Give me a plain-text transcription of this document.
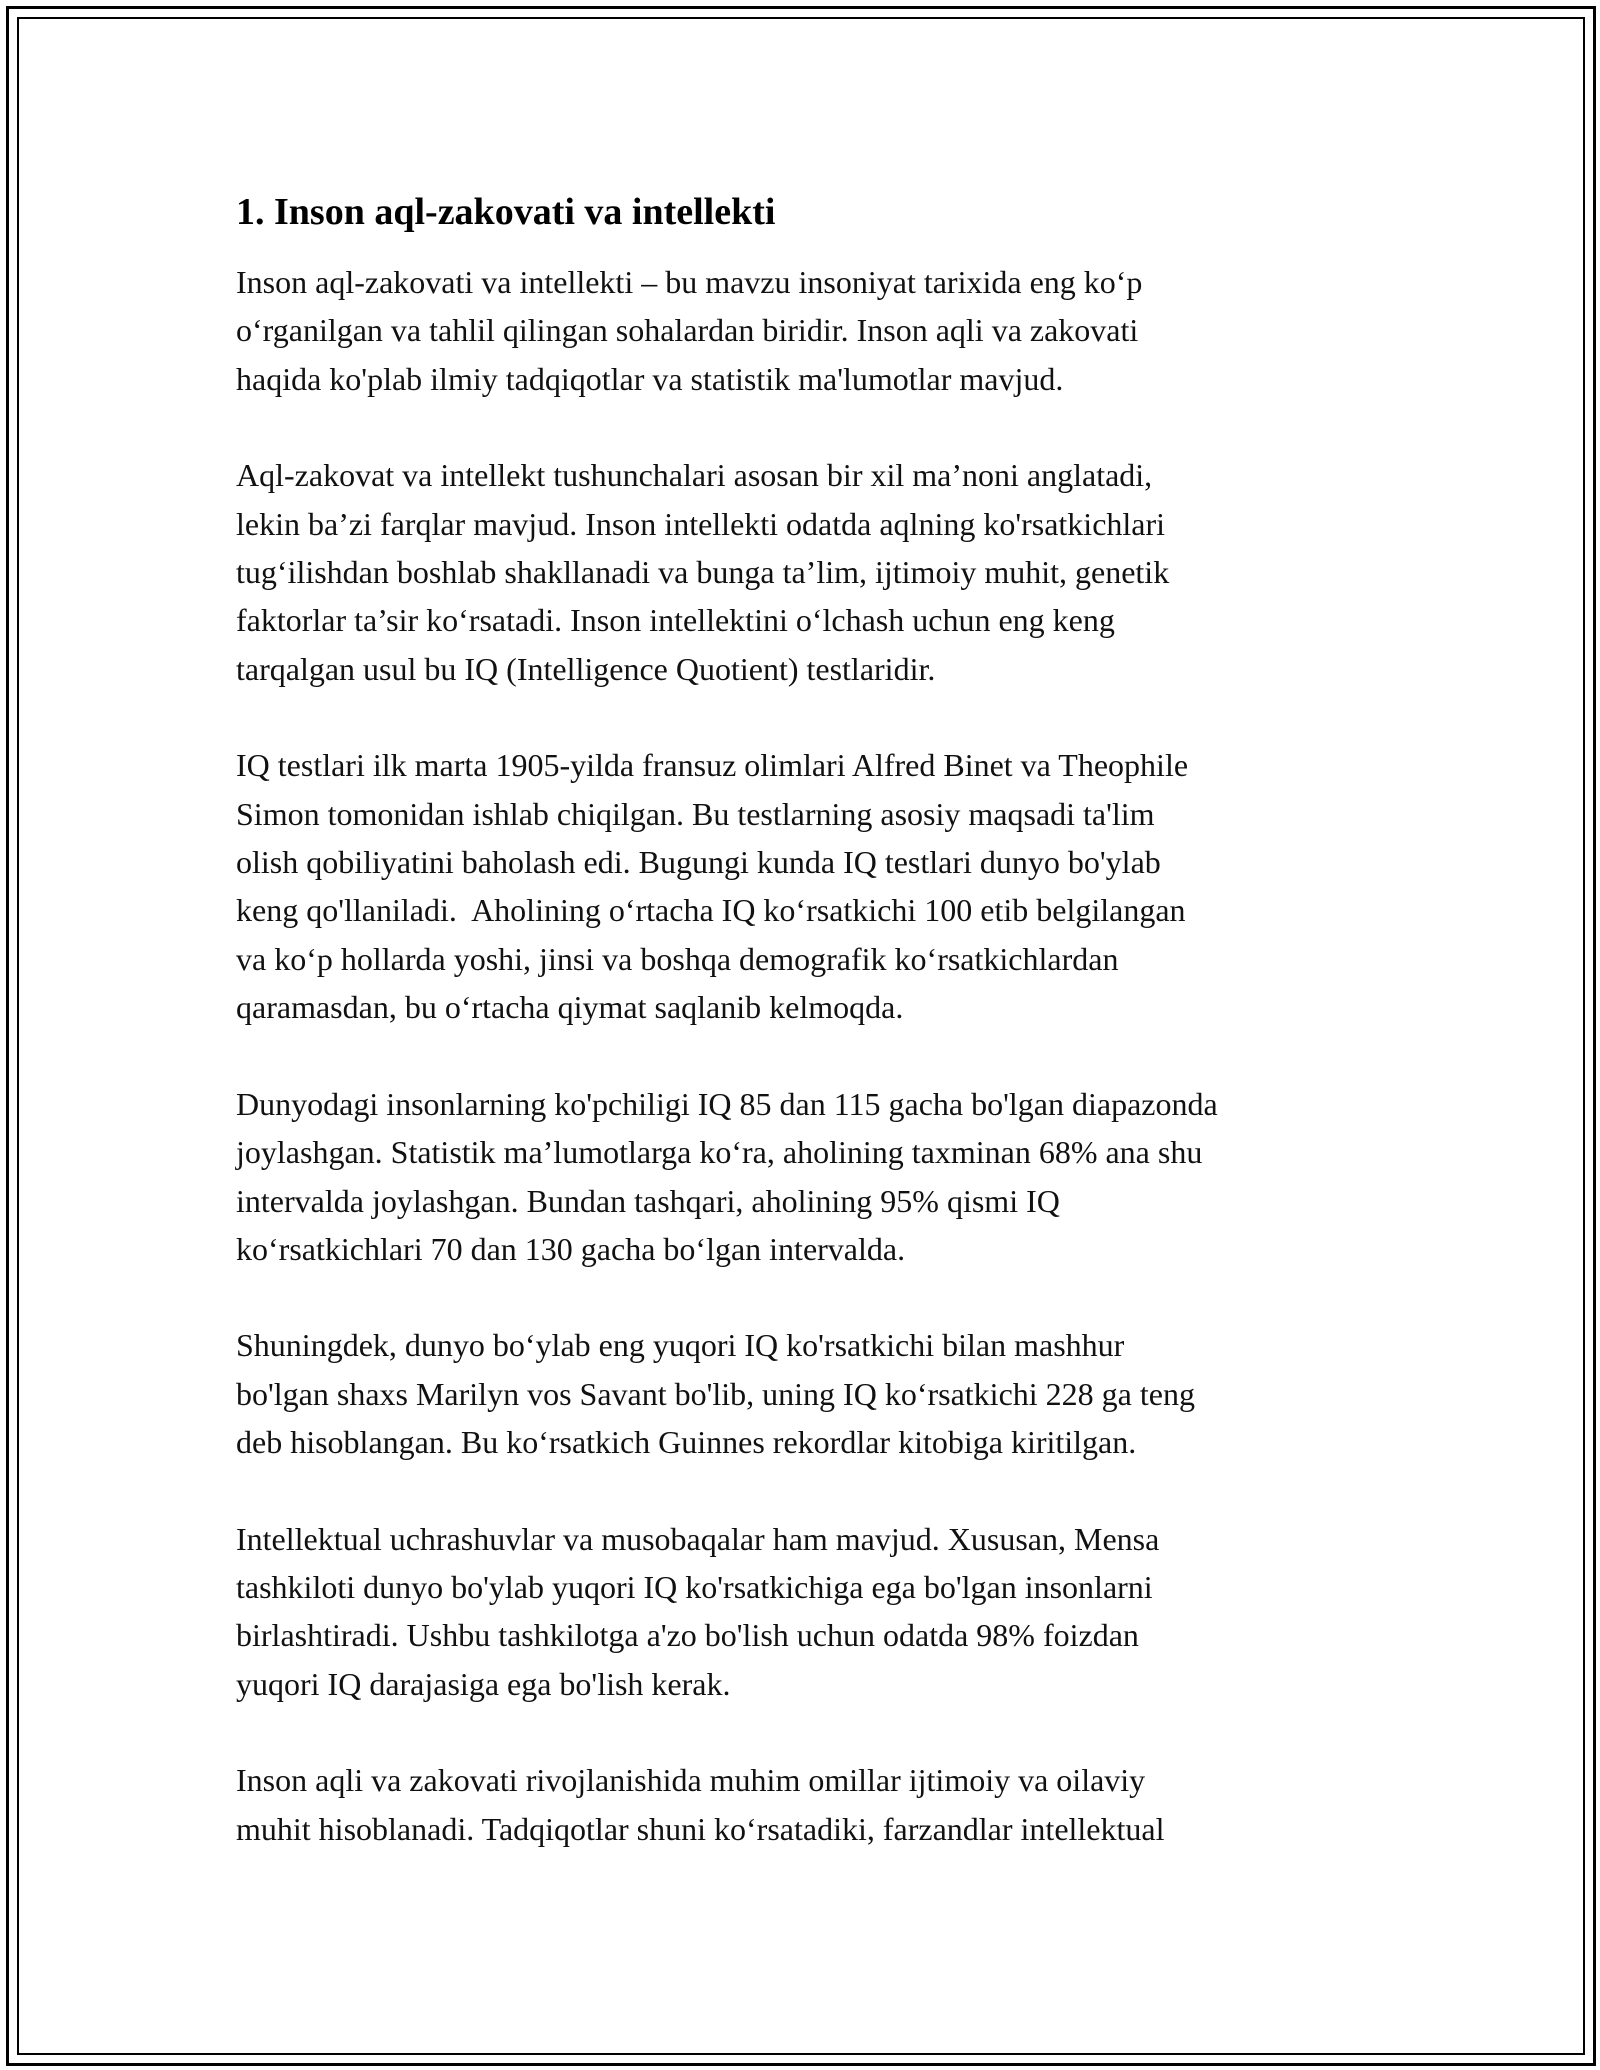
1. Inson aql-zakovati va intellekti
Inson aql-zakovati va intellekti – bu mavzu insoniyat tarixida eng ko‘p
o‘rganilgan va tahlil qilingan sohalardan biridir. Inson aqli va zakovati
haqida ko'plab ilmiy tadqiqotlar va statistik ma'lumotlar mavjud.
Aql-zakovat va intellekt tushunchalari asosan bir xil ma’noni anglatadi,
lekin ba’zi farqlar mavjud. Inson intellekti odatda aqlning ko'rsatkichlari
tug‘ilishdan boshlab shakllanadi va bunga ta’lim, ijtimoiy muhit, genetik
faktorlar ta’sir ko‘rsatadi. Inson intellektini o‘lchash uchun eng keng
tarqalgan usul bu IQ (Intelligence Quotient) testlaridir.
IQ testlari ilk marta 1905-yilda fransuz olimlari Alfred Binet va Theophile
Simon tomonidan ishlab chiqilgan. Bu testlarning asosiy maqsadi ta'lim
olish qobiliyatini baholash edi. Bugungi kunda IQ testlari dunyo bo'ylab
keng qo'llaniladi.  Aholining o‘rtacha IQ ko‘rsatkichi 100 etib belgilangan
va ko‘p hollarda yoshi, jinsi va boshqa demografik ko‘rsatkichlardan
qaramasdan, bu o‘rtacha qiymat saqlanib kelmoqda.
Dunyodagi insonlarning ko'pchiligi IQ 85 dan 115 gacha bo'lgan diapazonda
joylashgan. Statistik ma’lumotlarga ko‘ra, aholining taxminan 68% ana shu
intervalda joylashgan. Bundan tashqari, aholining 95% qismi IQ
ko‘rsatkichlari 70 dan 130 gacha bo‘lgan intervalda.
Shuningdek, dunyo bo‘ylab eng yuqori IQ ko'rsatkichi bilan mashhur
bo'lgan shaxs Marilyn vos Savant bo'lib, uning IQ ko‘rsatkichi 228 ga teng
deb hisoblangan. Bu ko‘rsatkich Guinnes rekordlar kitobiga kiritilgan.
Intellektual uchrashuvlar va musobaqalar ham mavjud. Xususan, Mensa
tashkiloti dunyo bo'ylab yuqori IQ ko'rsatkichiga ega bo'lgan insonlarni
birlashtiradi. Ushbu tashkilotga a'zo bo'lish uchun odatda 98% foizdan
yuqori IQ darajasiga ega bo'lish kerak.
Inson aqli va zakovati rivojlanishida muhim omillar ijtimoiy va oilaviy
muhit hisoblanadi. Tadqiqotlar shuni ko‘rsatadiki, farzandlar intellektual
